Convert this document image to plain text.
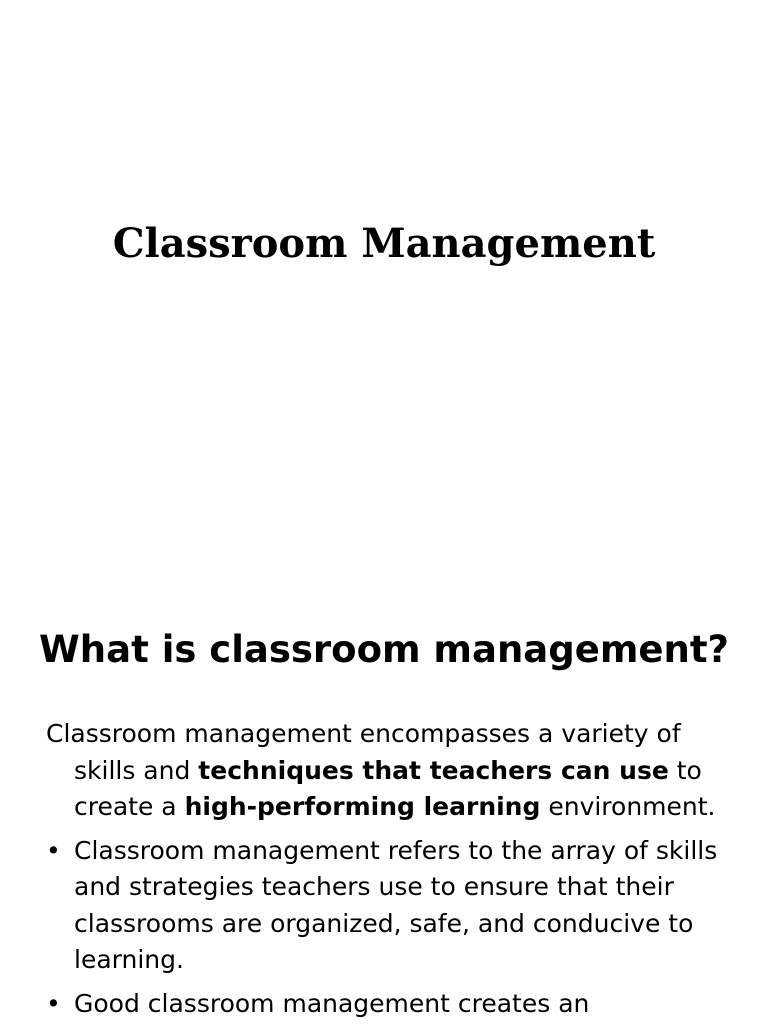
Classroom Management
What is classroom management?

Classroom management encompasses a variety of skills and techniques that teachers can use to create a high-performing learning environment.

• Classroom management refers to the array of skills and strategies teachers use to ensure that their classrooms are organized, safe, and conducive to learning.
• Good classroom management creates an
